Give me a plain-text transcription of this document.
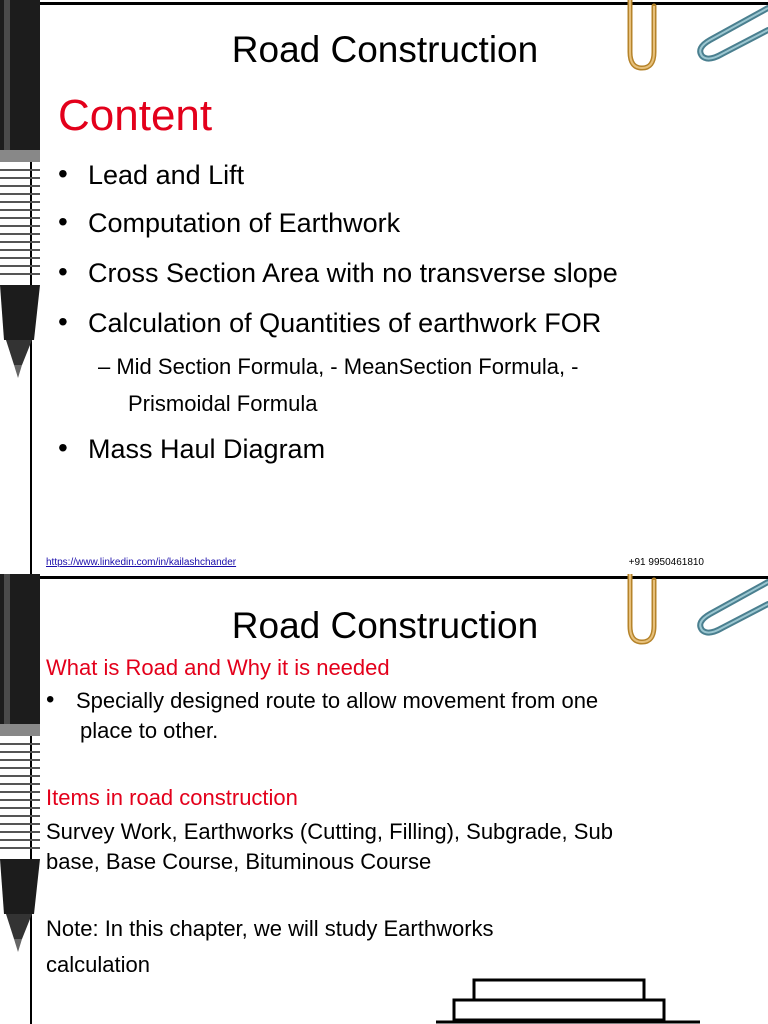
Road Construction
Content
• Lead and Lift
• Computation of Earthwork
• Cross Section Area with no transverse slope
• Calculation of Quantities of earthwork FOR
– Mid Section Formula, - MeanSection Formula, -
Prismoidal Formula
• Mass Haul Diagram
https://www.linkedin.com/in/kailashchander	+91 9950461810
Road Construction
What is Road and Why it is needed
• Specially designed route to allow movement from one
place to other.
Items in road construction
Survey Work, Earthworks (Cutting, Filling), Subgrade, Sub
base, Base Course, Bituminous Course
Note: In this chapter, we will study Earthworks
calculation
